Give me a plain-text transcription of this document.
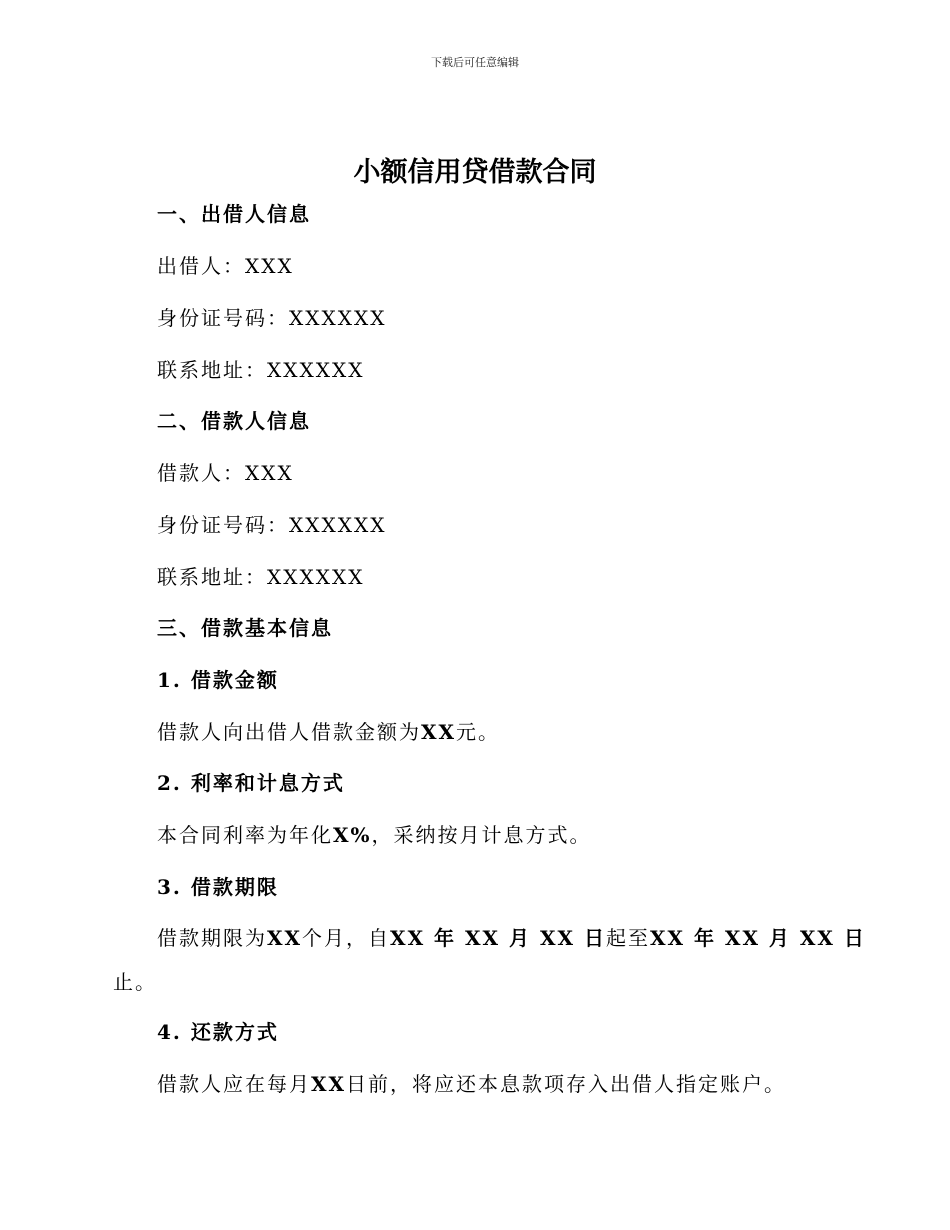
下载后可任意编辑
小额信用贷借款合同
一、出借人信息
出借人：XXX
身份证号码：XXXXXX
联系地址：XXXXXX
二、借款人信息
借款人：XXX
身份证号码：XXXXXX
联系地址：XXXXXX
三、借款基本信息
1. 借款金额
借款人向出借人借款金额为XX元。
2. 利率和计息方式
本合同利率为年化X%，采纳按月计息方式。
3. 借款期限
借款期限为XX个月，自XX 年 XX 月 XX 日起至XX 年 XX 月 XX 日
止。
4. 还款方式
借款人应在每月XX日前，将应还本息款项存入出借人指定账户。
